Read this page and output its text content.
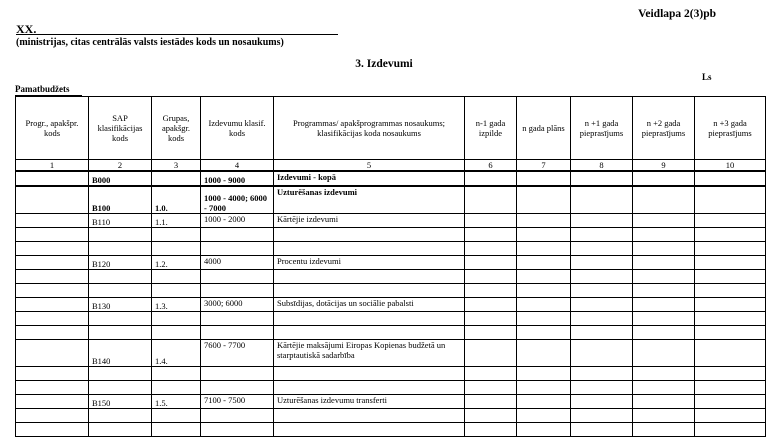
Veidlapa 2(3)pb
XX.
(ministrijas, citas centrālās valsts iestādes kods un nosaukums)
3. Izdevumi
Ls
Pamatbudžets
Progr., apakšpr. kods	SAP klasifikācijas kods	Grupas, apakšgr. kods	Izdevumu klasif. kods	Programmas/ apakšprogrammas nosaukums; klasifikācijas koda nosaukums	n-1 gada izpilde	n gada plāns	n +1 gada pieprasījums	n +2 gada pieprasījums	n +3 gada pieprasījums
1	2	3	4	5	6	7	8	9	10
	B000		1000 - 9000	Izdevumi - kopā					
	B100	1.0.	1000 - 4000; 6000 - 7000	Uzturēšanas izdevumi					
	B110	1.1.	1000 - 2000	Kārtējie izdevumi					

	B120	1.2.	4000	Procentu izdevumi					

	B130	1.3.	3000; 6000	Subsīdijas, dotācijas un sociālie pabalsti					

	B140	1.4.	7600 - 7700	Kārtējie maksājumi Eiropas Kopienas budžetā un starptautiskā sadarbība					

	B150	1.5.	7100 - 7500	Uzturēšanas izdevumu transferti					
